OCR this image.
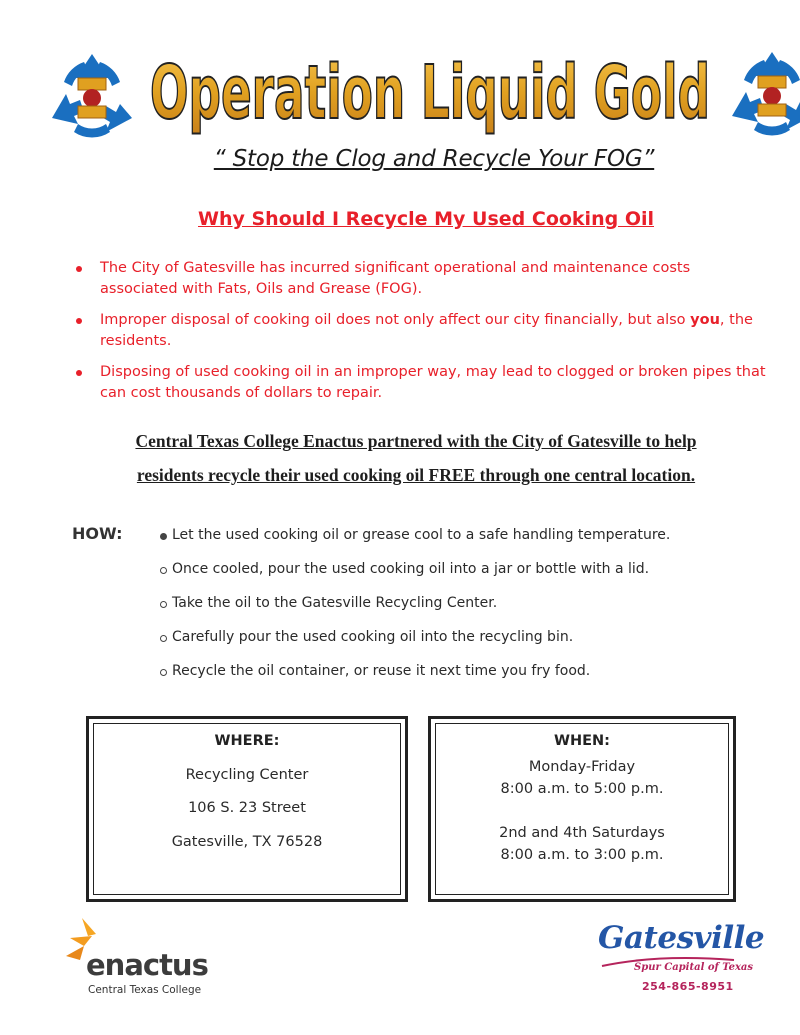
Operation Liquid Gold
“ Stop the Clog and Recycle Your FOG”
Why Should I Recycle My Used Cooking Oil
The City of Gatesville has incurred significant operational and maintenance costs associated with Fats, Oils and Grease (FOG).
Improper disposal of cooking oil does not only affect our city financially, but also you, the residents.
Disposing of used cooking oil in an improper way, may lead to clogged or broken pipes that can cost thousands of dollars to repair.
Central Texas College Enactus partnered with the City of Gatesville to help
residents recycle their used cooking oil FREE through one central location.
HOW:	Let the used cooking oil or grease cool to a safe handling temperature.
Once cooled, pour the used cooking oil into a jar or bottle with a lid.
Take the oil to the Gatesville Recycling Center.
Carefully pour the used cooking oil into the recycling bin.
Recycle the oil container, or reuse it next time you fry food.
WHERE:
Recycling Center
106 S. 23 Street
Gatesville, TX 76528
WHEN:
Monday-Friday
8:00 a.m. to 5:00 p.m.
2nd and 4th Saturdays
8:00 a.m. to 3:00 p.m.
enactus
Central Texas College
Gatesville
Spur Capital of Texas
254-865-8951
